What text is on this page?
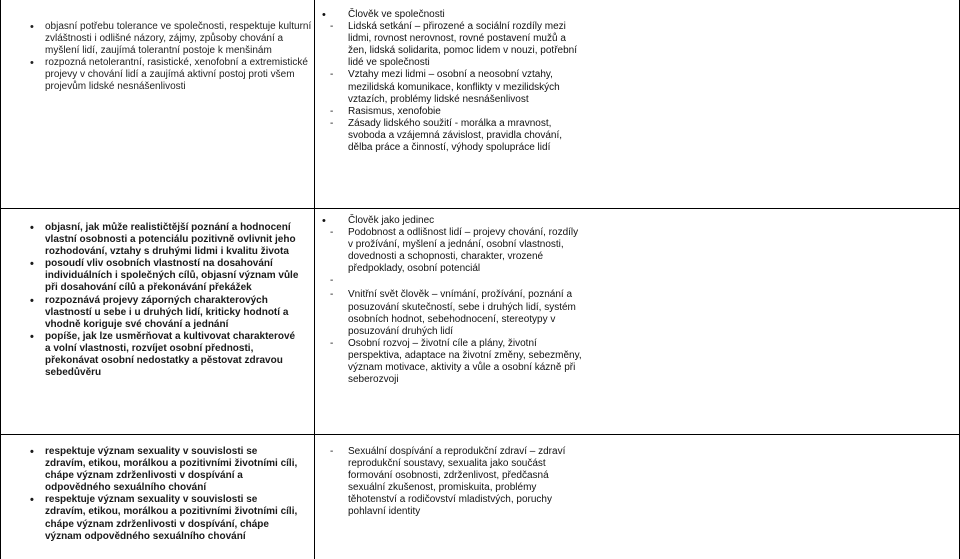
• objasní potřebu tolerance ve společnosti, respektuje kulturní zvláštnosti i odlišné názory, zájmy, způsoby chování a myšlení lidí, zaujímá tolerantní postoje k menšinám
• rozpozná netolerantní, rasistické, xenofobní a extremistické projevy v chování lidí a zaujímá aktivní postoj proti všem projevům lidské nesnášenlivosti
• Člověk ve společnosti
- Lidská setkání – přirozené a sociální rozdíly mezi lidmi, rovnost nerovnost, rovné postavení mužů a žen, lidská solidarita, pomoc lidem v nouzi, potřební lidé ve společnosti
- Vztahy mezi lidmi – osobní a neosobní vztahy, mezilidská komunikace, konflikty v mezilidských vztazích, problémy lidské nesnášenlivost
- Rasismus, xenofobie
- Zásady lidského soužití - morálka a mravnost, svoboda a vzájemná závislost, pravidla chování, dělba práce a činností, výhody spolupráce lidí
• objasní, jak může realističtější poznání a hodnocení vlastní osobnosti a potenciálu pozitivně ovlivnit jeho rozhodování, vztahy s druhými lidmi i kvalitu života
• posoudí vliv osobních vlastností na dosahování individuálních i společných cílů, objasní význam vůle při dosahování cílů a překonávání překážek
• rozpoznává projevy záporných charakterových vlastností u sebe i u druhých lidí, kriticky hodnotí a vhodně koriguje své chování a jednání
• popíše, jak lze usměrňovat a kultivovat charakterové a volní vlastnosti, rozvíjet osobní přednosti, překonávat osobní nedostatky a pěstovat zdravou sebedůvěru
• Člověk jako jedinec
- Podobnost a odlišnost lidí – projevy chování, rozdíly v prožívání, myšlení a jednání, osobní vlastnosti, dovednosti a schopnosti, charakter, vrozené předpoklady, osobní potenciál
-
- Vnitřní svět člověk – vnímání, prožívání, poznání a posuzování skutečností, sebe i druhých lidí, systém osobních hodnot, sebehodnocení, stereotypy v posuzování druhých lidí
- Osobní rozvoj – životní cíle a plány, životní perspektiva, adaptace na životní změny, sebezměny, význam motivace, aktivity a vůle a osobní kázně při seberozvoji
• respektuje význam sexuality v souvislosti se zdravím, etikou, morálkou a pozitivními životními cíli, chápe význam zdrženlivosti v dospívání a odpovědného sexuálního chování
• respektuje význam sexuality v souvislosti se zdravím, etikou, morálkou a pozitivními životními cíli, chápe význam zdrženlivosti v dospívání, chápe význam odpovědného sexuálního chování
- Sexuální dospívání a reprodukční zdraví – zdraví reprodukční soustavy, sexualita jako součást formování osobnosti, zdrženlivost, předčasná sexuální zkušenost, promiskuita, problémy těhotenství a rodičovství mladistvých, poruchy pohlavní identity
